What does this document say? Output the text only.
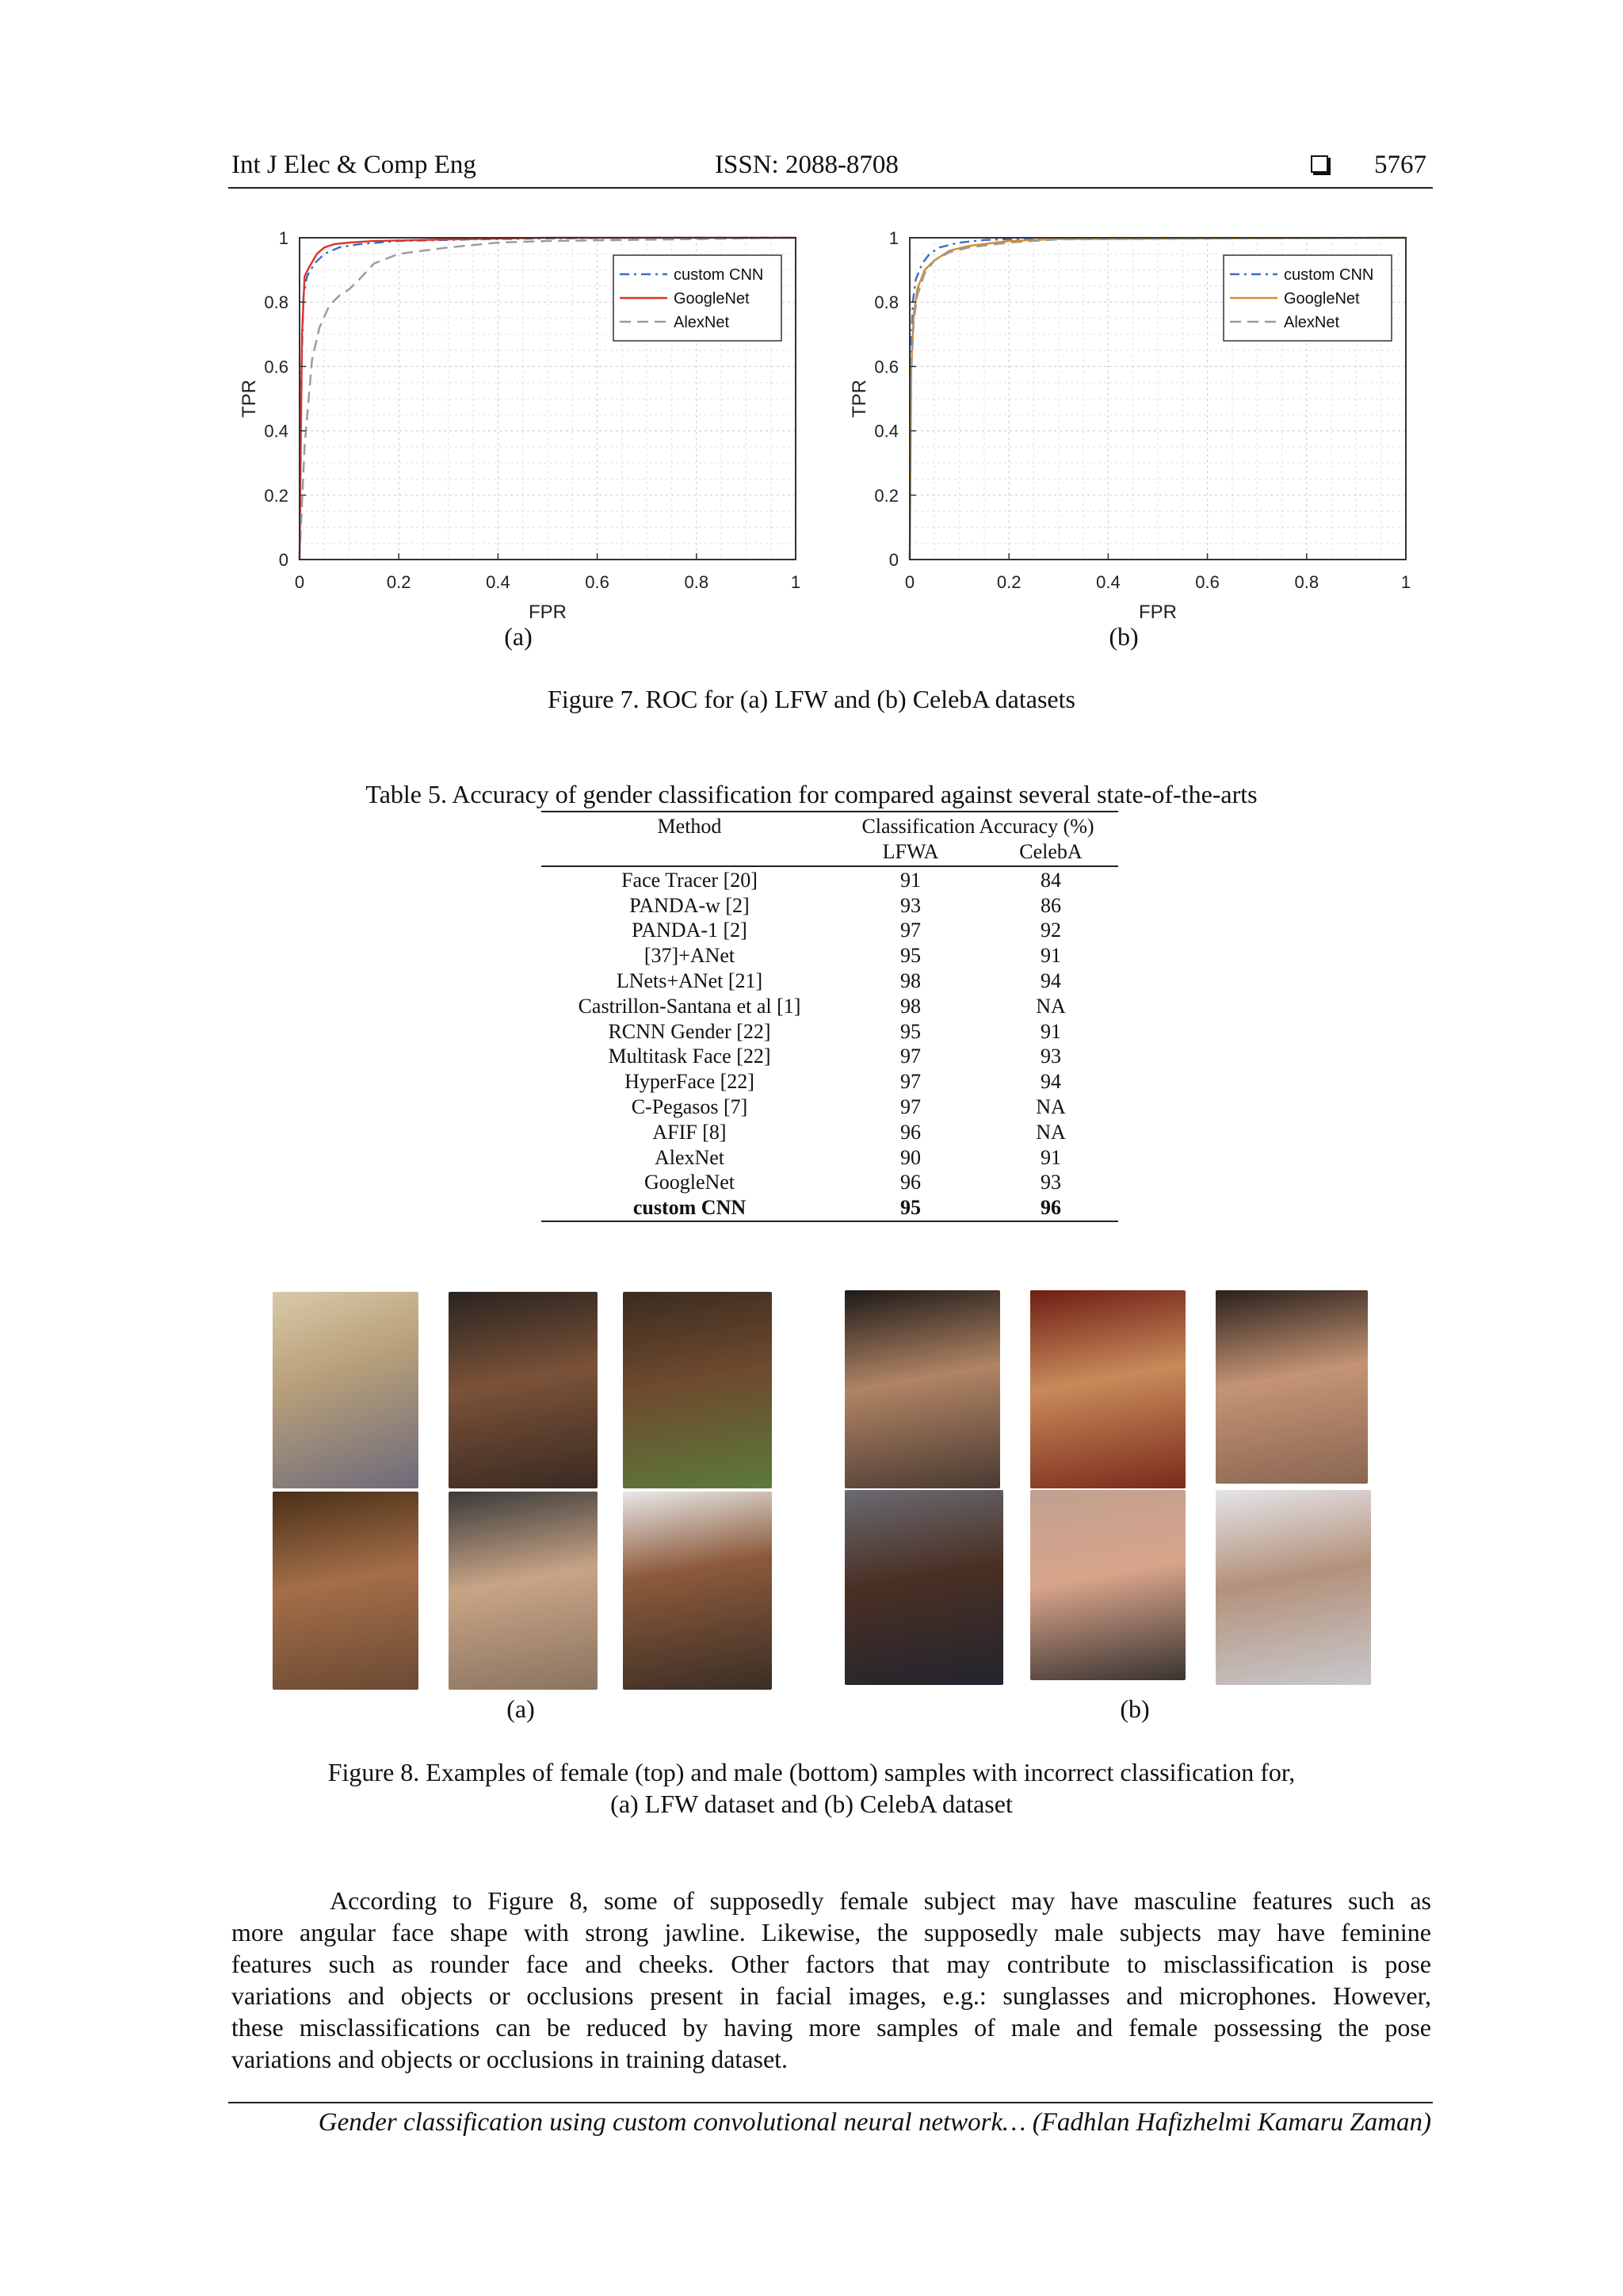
Int J Elec & Comp Eng	ISSN: 2088-8708	5767
0	0.2	0.4	0.6	0.8	1
0
0.2
0.4
0.6
0.8
1
FPR
TPR
custom CNN
GoogleNet
AlexNet
0	0.2	0.4	0.6	0.8	1
0
0.2
0.4
0.6
0.8
1
FPR
TPR
custom CNN
GoogleNet
AlexNet
(a)	(b)
Figure 7. ROC for (a) LFW and (b) CelebA datasets
Table 5. Accuracy of gender classification for compared against several state-of-the-arts
Method	Classification Accuracy (%)	
	LFWA	CelebA
Face Tracer [20]	91	84
PANDA-w [2]	93	86
PANDA-1 [2]	97	92
[37]+ANet	95	91
LNets+ANet [21]	98	94
Castrillon-Santana et al [1]	98	NA
RCNN Gender [22]	95	91
Multitask Face [22]	97	93
HyperFace [22]	97	94
C-Pegasos [7]	97	NA
AFIF [8]	96	NA
AlexNet	90	91
GoogleNet	96	93
custom CNN	95	96
(a)	(b)
Figure 8. Examples of female (top) and male (bottom) samples with incorrect classification for,
(a) LFW dataset and (b) CelebA dataset
According to Figure 8, some of supposedly female subject may have masculine features such as
more angular face shape with strong jawline. Likewise, the supposedly male subjects may have feminine
features such as rounder face and cheeks. Other factors that may contribute to misclassification is pose
variations and objects or occlusions present in facial images, e.g.: sunglasses and microphones. However,
these misclassifications can be reduced by having more samples of male and female possessing the pose
variations and objects or occlusions in training dataset.
Gender classification using custom convolutional neural network… (Fadhlan Hafizhelmi Kamaru Zaman)
